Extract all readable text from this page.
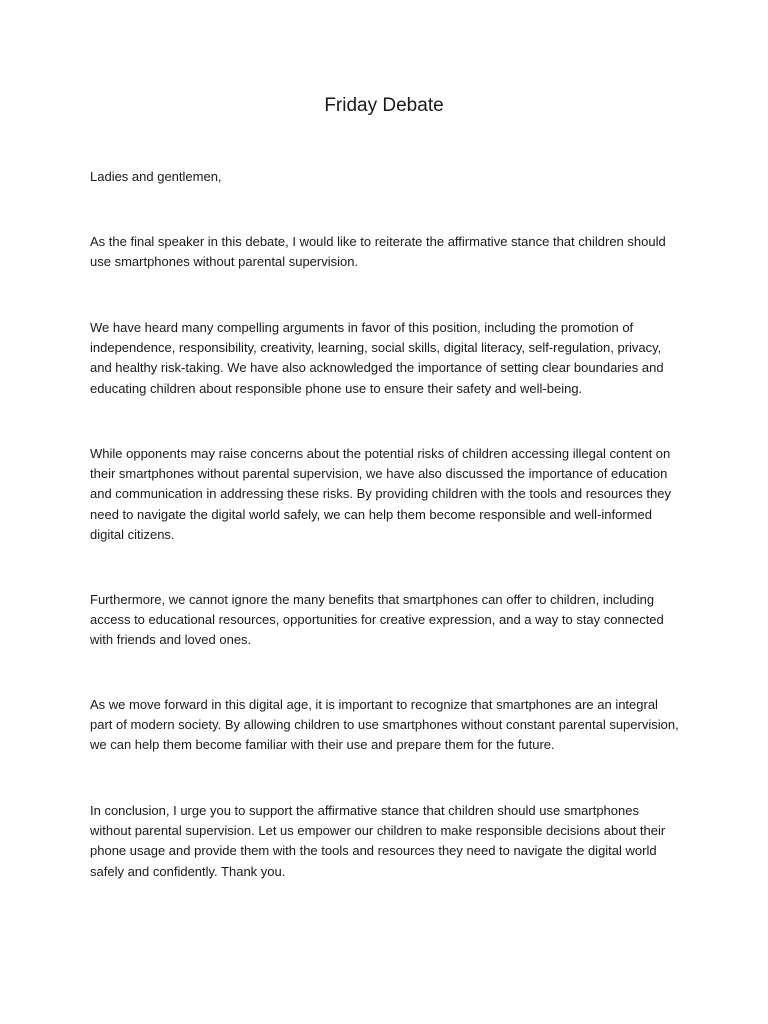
Friday Debate

Ladies and gentlemen,

As the final speaker in this debate, I would like to reiterate the affirmative stance that children should use smartphones without parental supervision.

We have heard many compelling arguments in favor of this position, including the promotion of independence, responsibility, creativity, learning, social skills, digital literacy, self-regulation, privacy, and healthy risk-taking. We have also acknowledged the importance of setting clear boundaries and educating children about responsible phone use to ensure their safety and well-being.

While opponents may raise concerns about the potential risks of children accessing illegal content on their smartphones without parental supervision, we have also discussed the importance of education and communication in addressing these risks. By providing children with the tools and resources they need to navigate the digital world safely, we can help them become responsible and well-informed digital citizens.

Furthermore, we cannot ignore the many benefits that smartphones can offer to children, including access to educational resources, opportunities for creative expression, and a way to stay connected with friends and loved ones.

As we move forward in this digital age, it is important to recognize that smartphones are an integral part of modern society. By allowing children to use smartphones without constant parental supervision, we can help them become familiar with their use and prepare them for the future.

In conclusion, I urge you to support the affirmative stance that children should use smartphones without parental supervision. Let us empower our children to make responsible decisions about their phone usage and provide them with the tools and resources they need to navigate the digital world safely and confidently. Thank you.
